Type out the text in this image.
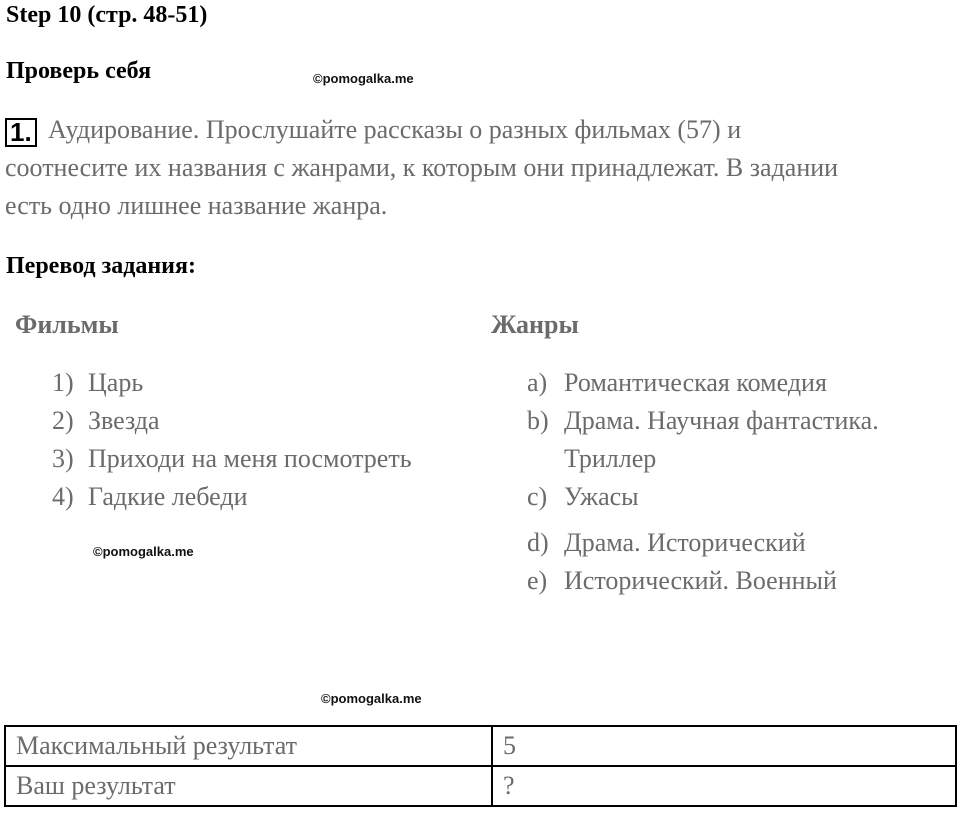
Step 10 (стр. 48-51)
Проверь себя	©pomogalka.me
1. Аудирование. Прослушайте рассказы о разных фильмах (57) и
соотнесите их названия с жанрами, к которым они принадлежат. В задании
есть одно лишнее название жанра.
Перевод задания:
Фильмы	Жанры
1) Царь
2) Звезда
3) Приходи на меня посмотреть
4) Гадкие лебеди
©pomogalka.me
a) Романтическая комедия
b) Драма. Научная фантастика.
Триллер
c) Ужасы
d) Драма. Исторический
e) Исторический. Военный
©pomogalka.me
Максимальный результат	5
Ваш результат	?
